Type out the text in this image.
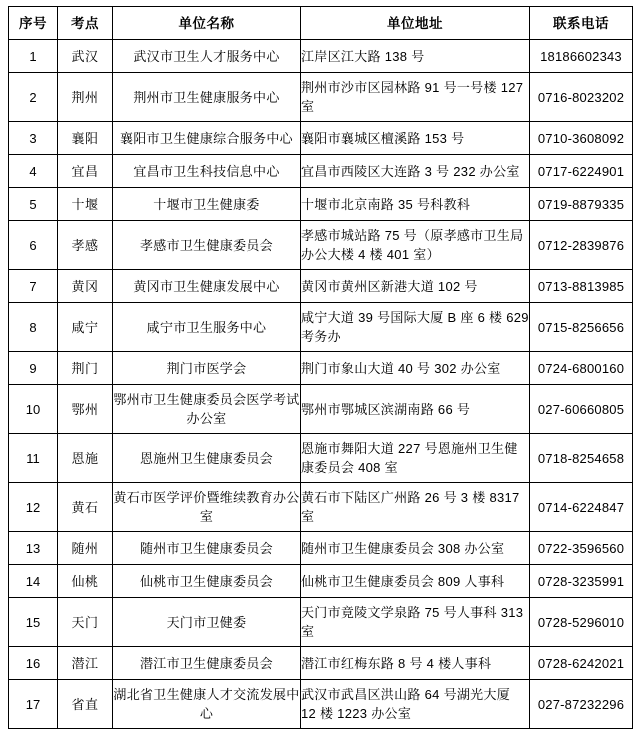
序号	考点	单位名称	单位地址	联系电话
1	武汉	武汉市卫生人才服务中心	江岸区江大路 138 号	18186602343
2	荆州	荆州市卫生健康服务中心	荆州市沙市区园林路 91 号一号楼 127 室	0716-8023202
3	襄阳	襄阳市卫生健康综合服务中心	襄阳市襄城区檀溪路 153 号	0710-3608092
4	宜昌	宜昌市卫生科技信息中心	宜昌市西陵区大连路 3 号 232 办公室	0717-6224901
5	十堰	十堰市卫生健康委	十堰市北京南路 35 号科教科	0719-8879335
6	孝感	孝感市卫生健康委员会	孝感市城站路 75 号（原孝感市卫生局办公大楼 4 楼 401 室）	0712-2839876
7	黄冈	黄冈市卫生健康发展中心	黄冈市黄州区新港大道 102 号	0713-8813985
8	咸宁	咸宁市卫生服务中心	咸宁大道 39 号国际大厦 B 座 6 楼 629 考务办	0715-8256656
9	荆门	荆门市医学会	荆门市象山大道 40 号 302 办公室	0724-6800160
10	鄂州	鄂州市卫生健康委员会医学考试办公室	鄂州市鄂城区滨湖南路 66 号	027-60660805
11	恩施	恩施州卫生健康委员会	恩施市舞阳大道 227 号恩施州卫生健康委员会 408 室	0718-8254658
12	黄石	黄石市医学评价暨维续教育办公室	黄石市下陆区广州路 26 号 3 楼 8317 室	0714-6224847
13	随州	随州市卫生健康委员会	随州市卫生健康委员会 308 办公室	0722-3596560
14	仙桃	仙桃市卫生健康委员会	仙桃市卫生健康委员会 809 人事科	0728-3235991
15	天门	天门市卫健委	天门市竟陵文学泉路 75 号人事科 313 室	0728-5296010
16	潜江	潜江市卫生健康委员会	潜江市红梅东路 8 号 4 楼人事科	0728-6242021
17	省直	湖北省卫生健康人才交流发展中心	武汉市武昌区洪山路 64 号湖光大厦 12 楼 1223 办公室	027-87232296
